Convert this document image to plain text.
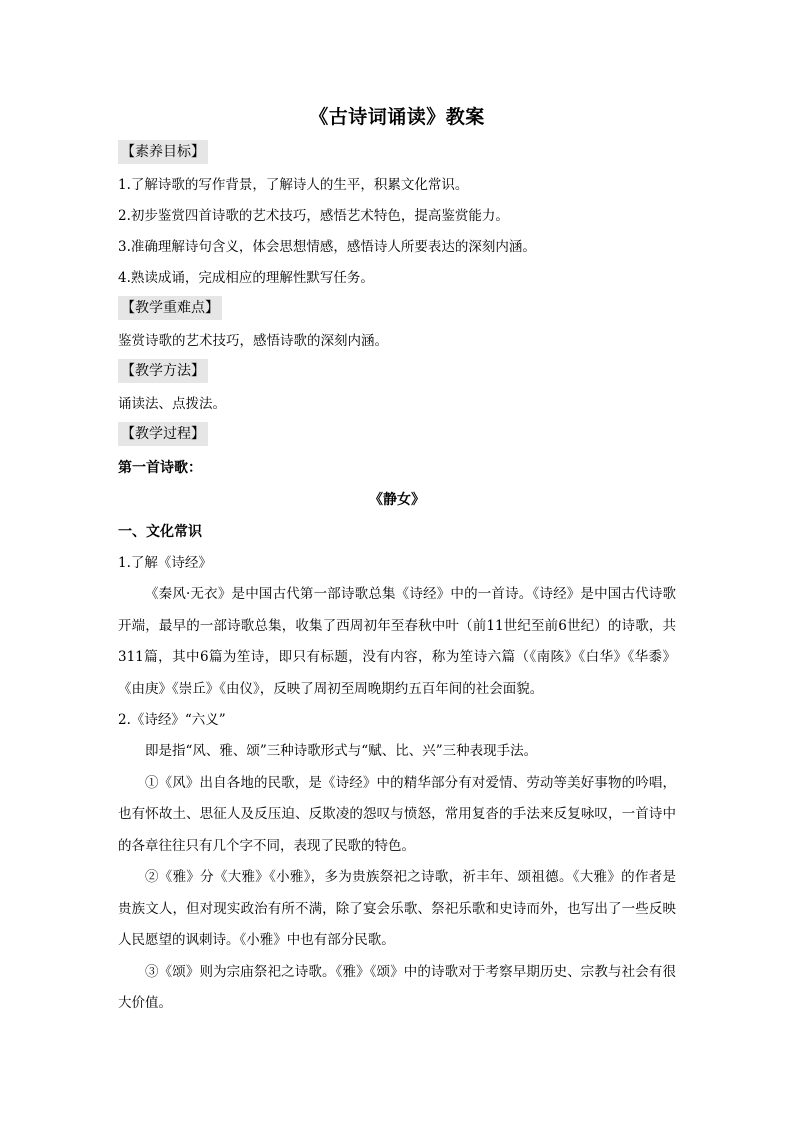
《古诗词诵读》教案
【素养目标】

1.了解诗歌的写作背景，了解诗人的生平，积累文化常识。

2.初步鉴赏四首诗歌的艺术技巧，感悟艺术特色，提高鉴赏能力。

3.准确理解诗句含义，体会思想情感，感悟诗人所要表达的深刻内涵。

4.熟读成诵，完成相应的理解性默写任务。

【教学重难点】

鉴赏诗歌的艺术技巧，感悟诗歌的深刻内涵。

【教学方法】

诵读法、点拨法。

【教学过程】

第一首诗歌：

《静女》

一、文化常识

1.了解《诗经》

《秦风·无衣》是中国古代第一部诗歌总集《诗经》中的一首诗。《诗经》是中国古代诗歌开端，最早的一部诗歌总集，收集了西周初年至春秋中叶（前11世纪至前6世纪）的诗歌，共311篇，其中6篇为笙诗，即只有标题，没有内容，称为笙诗六篇（《南陔》《白华》《华黍》《由庚》《崇丘》《由仪》，反映了周初至周晚期约五百年间的社会面貌。

2.《诗经》“六义”

即是指“风、雅、颂”三种诗歌形式与“赋、比、兴”三种表现手法。

①《风》出自各地的民歌，是《诗经》中的精华部分有对爱情、劳动等美好事物的吟唱，也有怀故土、思征人及反压迫、反欺凌的怨叹与愤怒，常用复沓的手法来反复咏叹，一首诗中的各章往往只有几个字不同，表现了民歌的特色。

②《雅》分《大雅》《小雅》，多为贵族祭祀之诗歌，祈丰年、颂祖德。《大雅》的作者是贵族文人，但对现实政治有所不满，除了宴会乐歌、祭祀乐歌和史诗而外，也写出了一些反映人民愿望的讽刺诗。《小雅》中也有部分民歌。

③《颂》则为宗庙祭祀之诗歌。《雅》《颂》中的诗歌对于考察早期历史、宗教与社会有很大价值。
